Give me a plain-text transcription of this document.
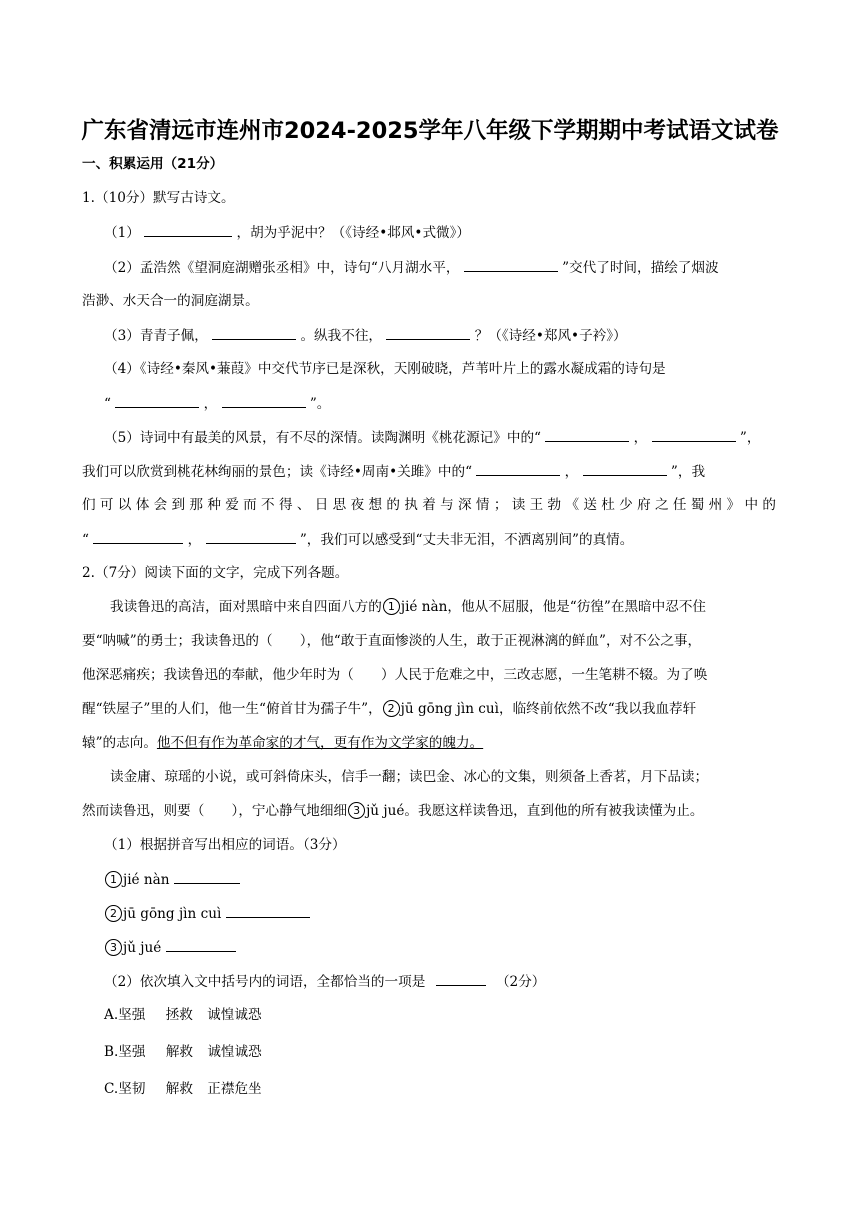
广东省清远市连州市2024-2025学年八年级下学期期中考试语文试卷
一、积累运用（21分）
1.（10分）默写古诗文。
（1）	，胡为乎泥中？（《诗经•邶风•式微》）
（2）孟浩然《望洞庭湖赠张丞相》中，诗句“八月湖水平，	”交代了时间，描绘了烟波
浩渺、水天合一的洞庭湖景。
（3）青青子佩，	。纵我不往，	？（《诗经•郑风•子衿》）
（4）《诗经•秦风•蒹葭》中交代节序已是深秋，天刚破晓，芦苇叶片上的露水凝成霜的诗句是
“	，	”。
（5）诗词中有最美的风景，有不尽的深情。读陶渊明《桃花源记》中的“	，	”，
我们可以欣赏到桃花林绚丽的景色；读《诗经•周南•关雎》中的“	，	”，我
们可以体会到那种爱而不得、日思夜想的执着与深情；读王勃《送杜少府之任蜀州》中的
“	，	”，我们可以感受到“丈夫非无泪，不洒离别间”的真情。
2.（7分）阅读下面的文字，完成下列各题。
我读鲁迅的高洁，面对黑暗中来自四面八方的 1 jié nàn，他从不屈服，他是“彷徨”在黑暗中忍不住
要“呐喊”的勇士；我读鲁迅的（　　），他“敢于直面惨淡的人生，敢于正视淋漓的鲜血”，对不公之事，
他深恶痛疾；我读鲁迅的奉献，他少年时为（　　）人民于危难之中，三改志愿，一生笔耕不辍。为了唤
醒“铁屋子”里的人们，他一生“俯首甘为孺子牛”， 2 jū gōng jìn cuì，临终前依然不改“我以我血荐轩
辕”的志向。他不但有作为革命家的才气，更有作为文学家的魄力。
读金庸、琼瑶的小说，或可斜倚床头，信手一翻；读巴金、冰心的文集，则须备上香茗，月下品读；
然而读鲁迅，则要（　　），宁心静气地细细 3 jǔ jué。我愿这样读鲁迅，直到他的所有被我读懂为止。
（1）根据拼音写出相应的词语。（3分）
1 jié nàn
2 jū gōng jìn cuì
3 jǔ jué
（2）依次填入文中括号内的词语，全都恰当的一项是	（2分）
A.坚强 拯救 诚惶诚恐
B.坚强 解救 诚惶诚恐
C.坚韧 解救 正襟危坐
